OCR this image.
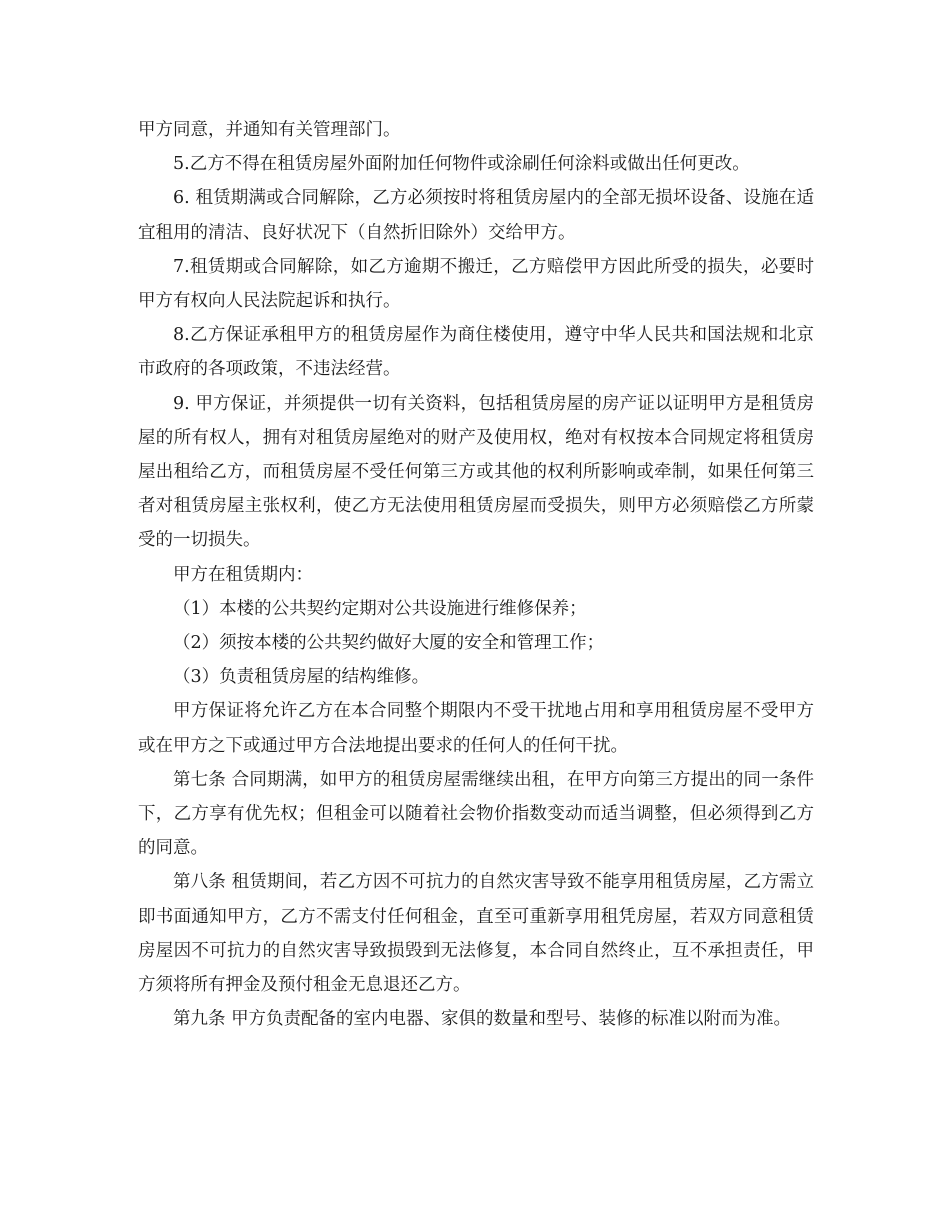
甲方同意，并通知有关管理部门。

5.乙方不得在租赁房屋外面附加任何物件或涂刷任何涂料或做出任何更改。

6. 租赁期满或合同解除，乙方必须按时将租赁房屋内的全部无损坏设备、设施在适宜租用的清洁、良好状况下（自然折旧除外）交给甲方。

7.租赁期或合同解除，如乙方逾期不搬迁，乙方赔偿甲方因此所受的损失，必要时甲方有权向人民法院起诉和执行。

8.乙方保证承租甲方的租赁房屋作为商住楼使用，遵守中华人民共和国法规和北京市政府的各项政策，不违法经营。

9. 甲方保证，并须提供一切有关资料，包括租赁房屋的房产证以证明甲方是租赁房屋的所有权人，拥有对租赁房屋绝对的财产及使用权，绝对有权按本合同规定将租赁房屋出租给乙方，而租赁房屋不受任何第三方或其他的权利所影响或牵制，如果任何第三者对租赁房屋主张权利，使乙方无法使用租赁房屋而受损失，则甲方必须赔偿乙方所蒙受的一切损失。

甲方在租赁期内：

（1）本楼的公共契约定期对公共设施进行维修保养；

（2）须按本楼的公共契约做好大厦的安全和管理工作；

（3）负责租赁房屋的结构维修。

甲方保证将允许乙方在本合同整个期限内不受干扰地占用和享用租赁房屋不受甲方或在甲方之下或通过甲方合法地提出要求的任何人的任何干扰。

第七条 合同期满，如甲方的租赁房屋需继续出租，在甲方向第三方提出的同一条件下，乙方享有优先权；但租金可以随着社会物价指数变动而适当调整，但必须得到乙方的同意。

第八条 租赁期间，若乙方因不可抗力的自然灾害导致不能享用租赁房屋，乙方需立即书面通知甲方，乙方不需支付任何租金，直至可重新享用租凭房屋，若双方同意租赁房屋因不可抗力的自然灾害导致损毁到无法修复，本合同自然终止，互不承担责任，甲方须将所有押金及预付租金无息退还乙方。

第九条 甲方负责配备的室内电器、家俱的数量和型号、装修的标准以附而为准。
